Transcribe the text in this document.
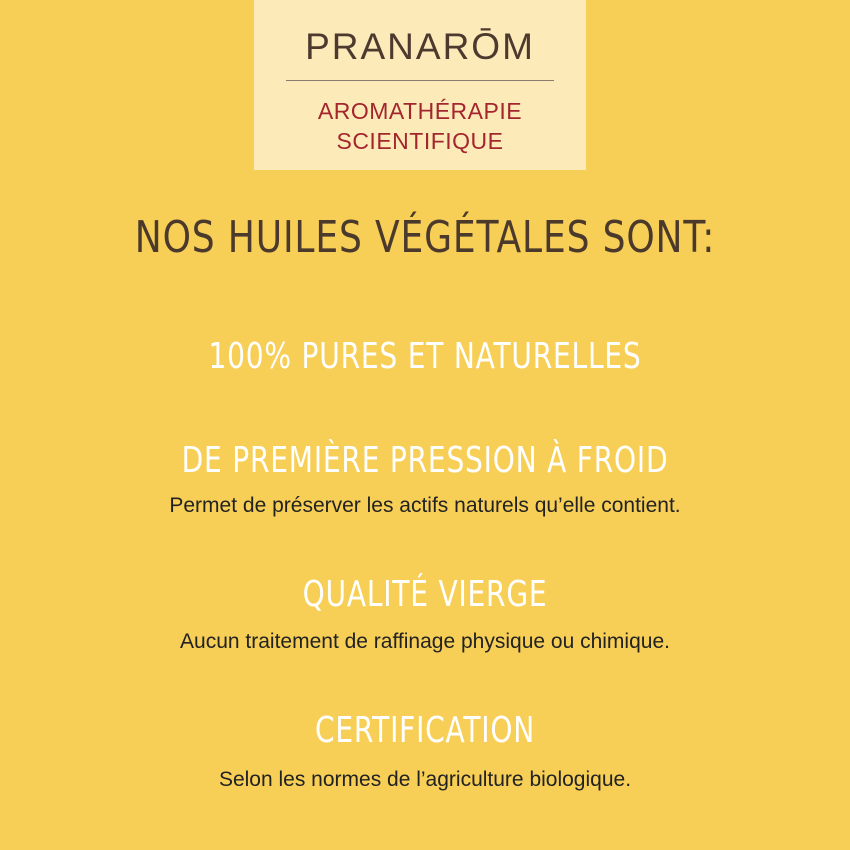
PRANARŌM
AROMATHÉRAPIE
SCIENTIFIQUE
NOS HUILES VÉGÉTALES SONT:
100% PURES ET NATURELLES
DE PREMIÈRE PRESSION À FROID
Permet de préserver les actifs naturels qu’elle contient.
QUALITÉ VIERGE
Aucun traitement de raffinage physique ou chimique.
CERTIFICATION
Selon les normes de l’agriculture biologique.
